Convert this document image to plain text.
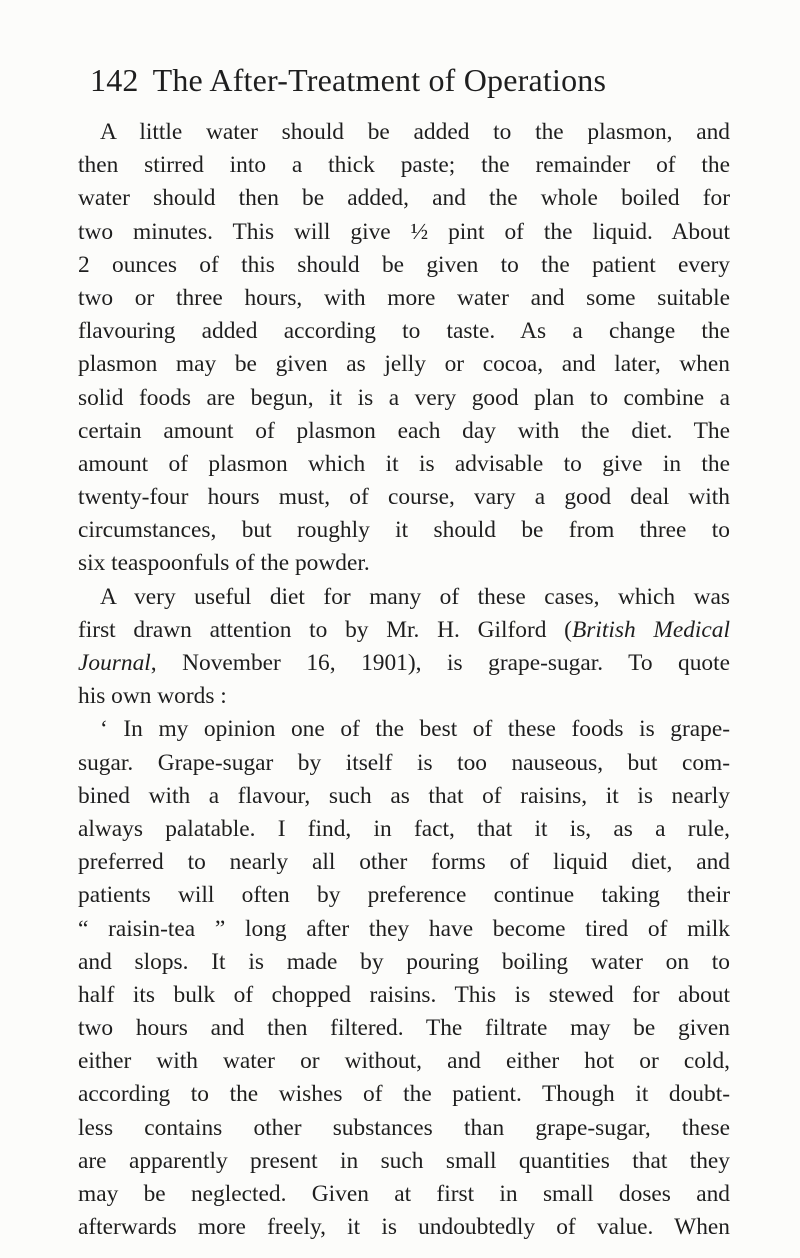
142 The After-Treatment of Operations
A little water should be added to the plasmon, and
then stirred into a thick paste; the remainder of the
water should then be added, and the whole boiled for
two minutes. This will give ½ pint of the liquid. About
2 ounces of this should be given to the patient every
two or three hours, with more water and some suitable
flavouring added according to taste. As a change the
plasmon may be given as jelly or cocoa, and later, when
solid foods are begun, it is a very good plan to combine a
certain amount of plasmon each day with the diet. The
amount of plasmon which it is advisable to give in the
twenty-four hours must, of course, vary a good deal with
circumstances, but roughly it should be from three to
six teaspoonfuls of the powder.
A very useful diet for many of these cases, which was
first drawn attention to by Mr. H. Gilford (British Medical
Journal, November 16, 1901), is grape-sugar. To quote
his own words :
‘ In my opinion one of the best of these foods is grape-
sugar. Grape-sugar by itself is too nauseous, but com-
bined with a flavour, such as that of raisins, it is nearly
always palatable. I find, in fact, that it is, as a rule,
preferred to nearly all other forms of liquid diet, and
patients will often by preference continue taking their
“ raisin-tea ” long after they have become tired of milk
and slops. It is made by pouring boiling water on to
half its bulk of chopped raisins. This is stewed for about
two hours and then filtered. The filtrate may be given
either with water or without, and either hot or cold,
according to the wishes of the patient. Though it doubt-
less contains other substances than grape-sugar, these
are apparently present in such small quantities that they
may be neglected. Given at first in small doses and
afterwards more freely, it is undoubtedly of value. When
